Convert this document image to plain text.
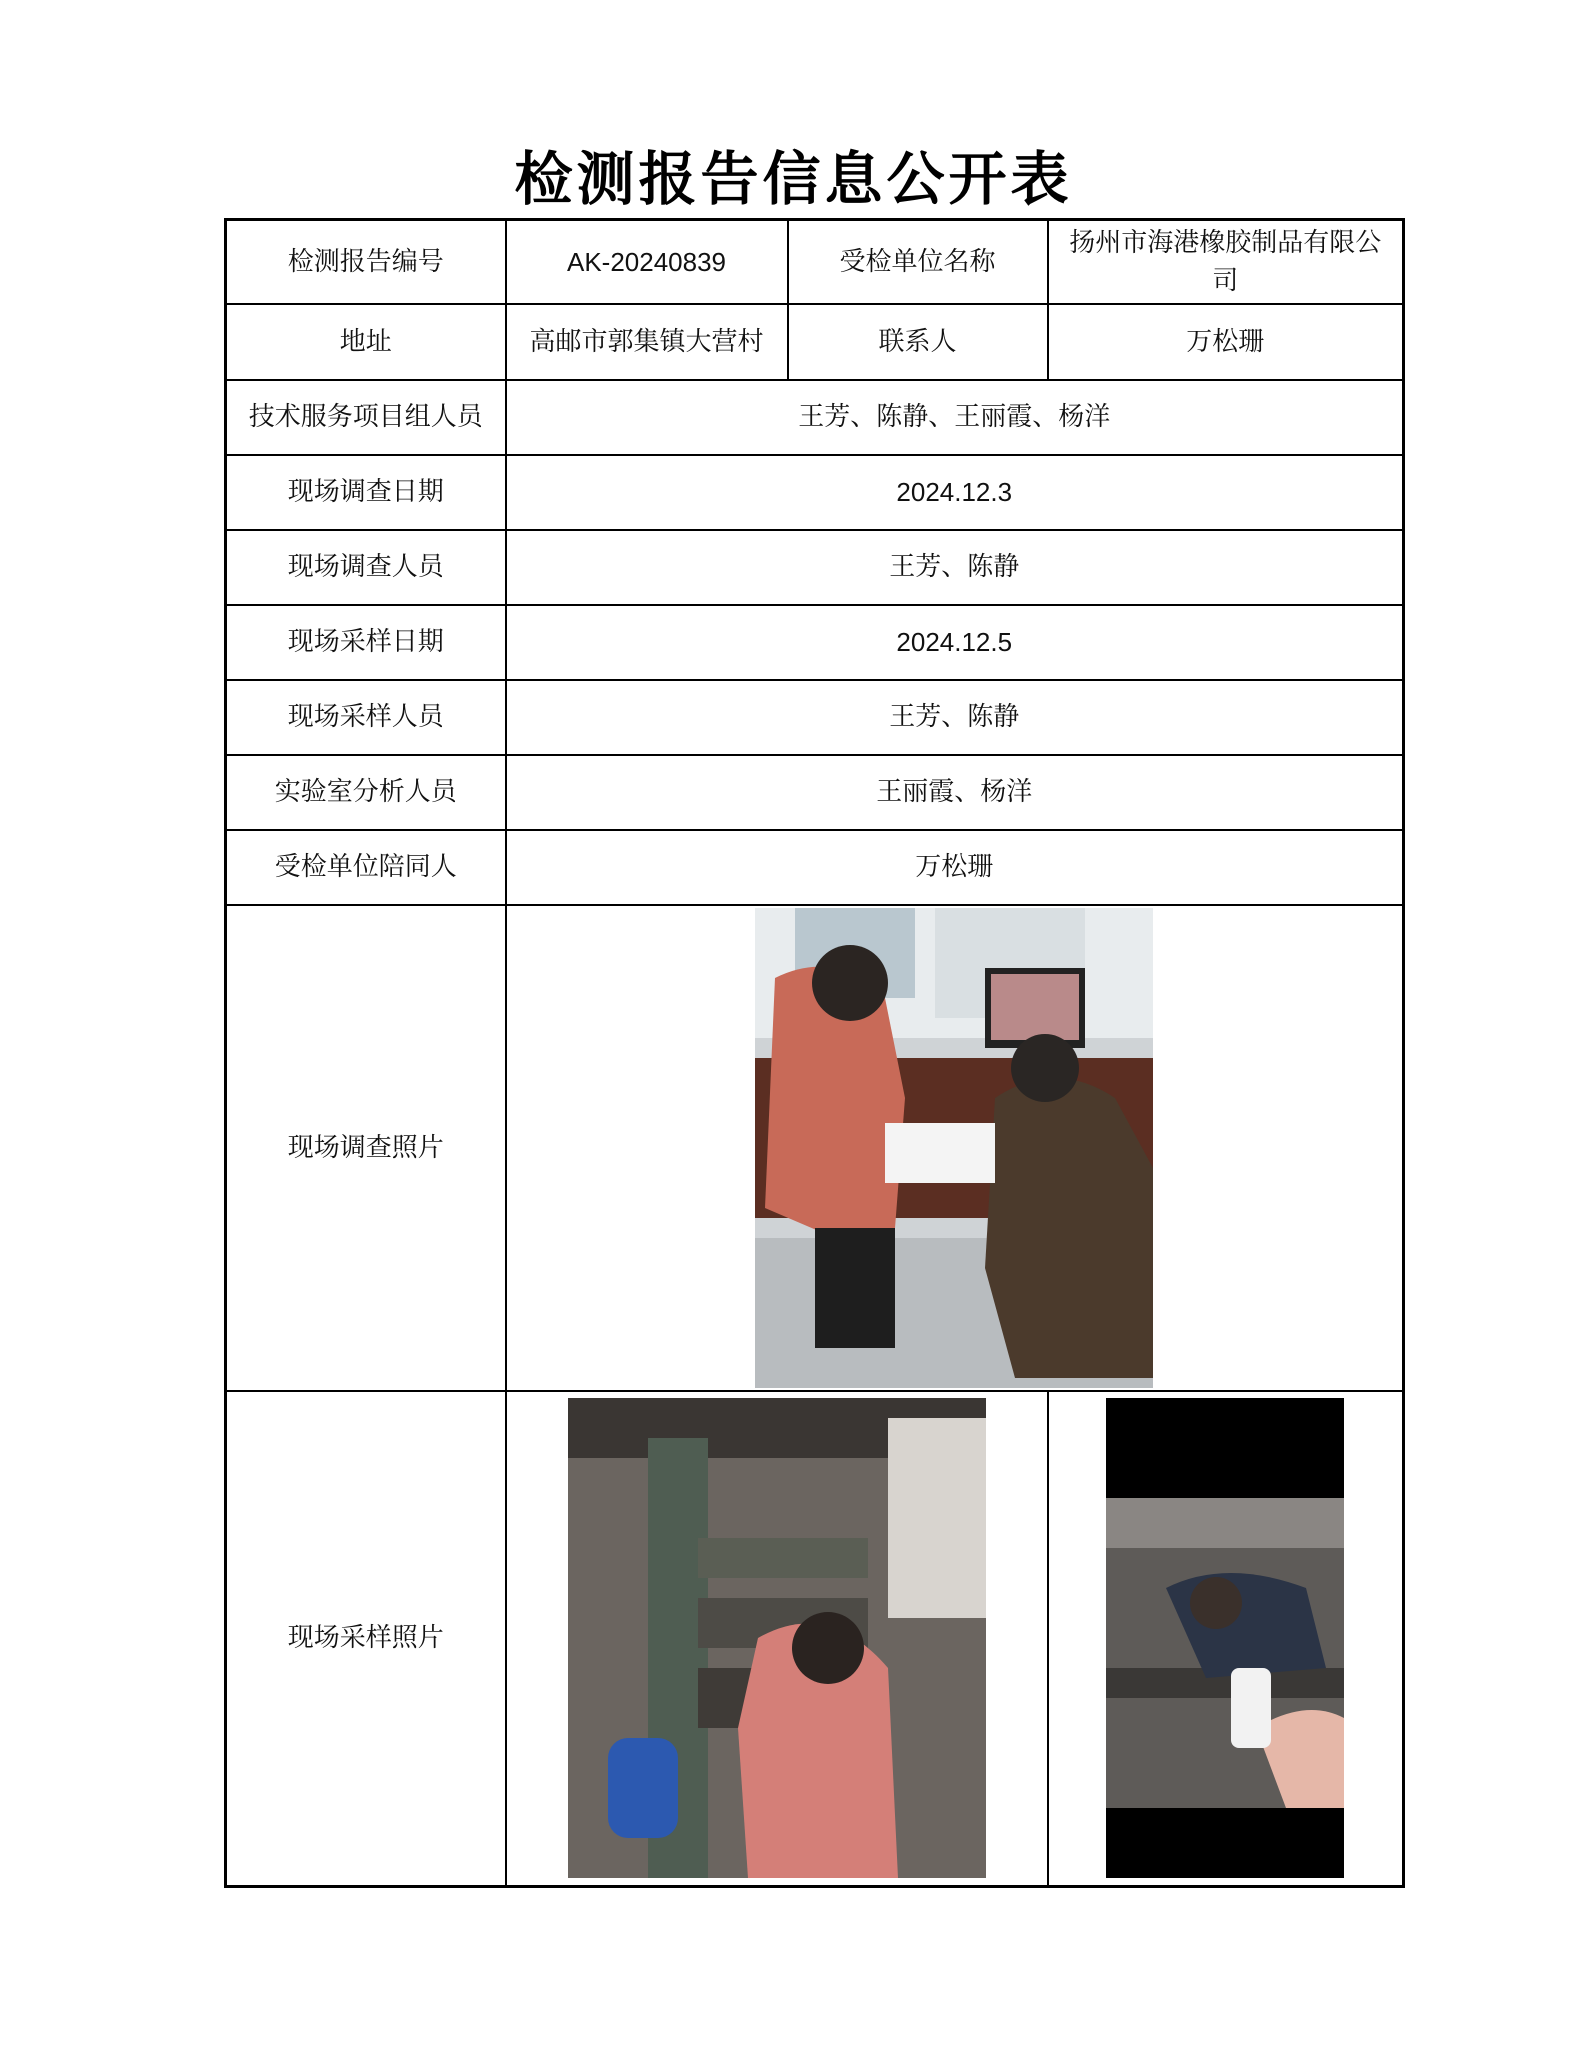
检测报告信息公开表
检测报告编号	AK-20240839	受检单位名称	扬州市海港橡胶制品有限公司
地址	高邮市郭集镇大营村	联系人	万松珊
技术服务项目组人员	王芳、陈静、王丽霞、杨洋		
现场调查日期	2024.12.3		
现场调查人员	王芳、陈静		
现场采样日期	2024.12.5		
现场采样人员	王芳、陈静		
实验室分析人员	王丽霞、杨洋		
受检单位陪同人	万松珊		
现场调查照片	

现场采样照片	
